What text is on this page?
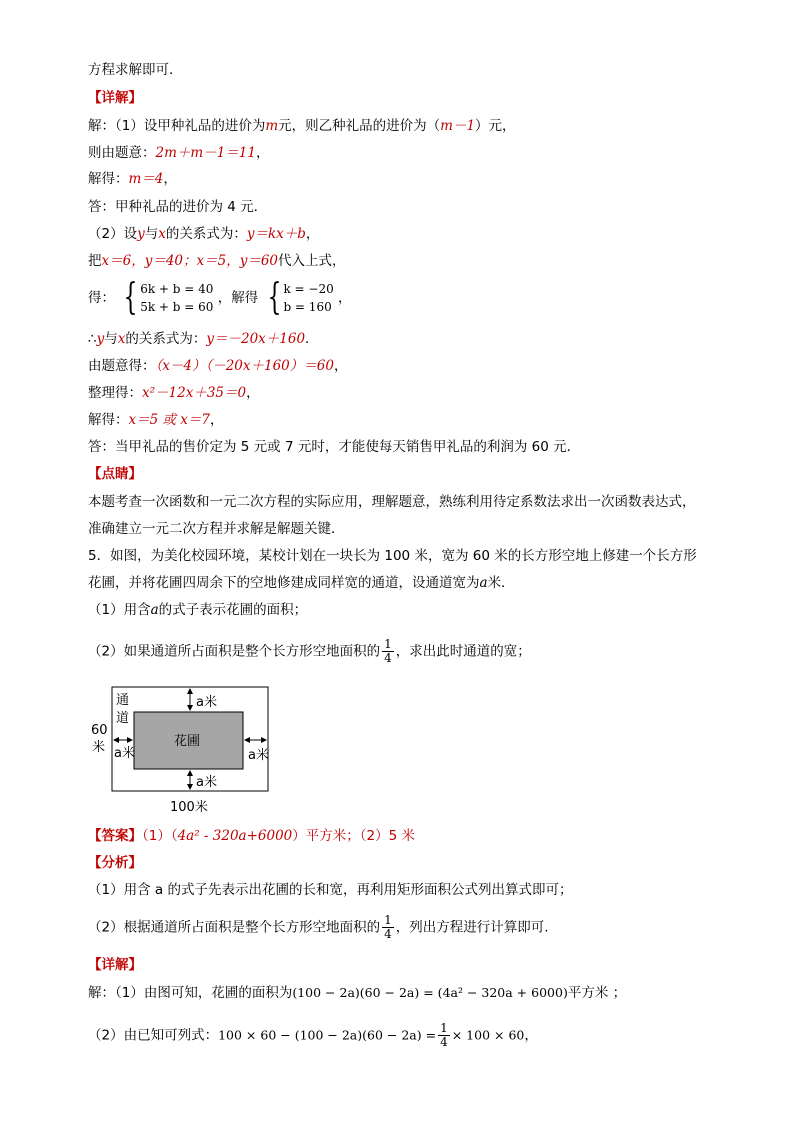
方程求解即可．
【详解】
解：（1）设甲种礼品的进价为m元，则乙种礼品的进价为（m－1）元，
则由题意：2m＋m－1＝11，
解得：m＝4，
答：甲种礼品的进价为 4 元．
（2）设y与x的关系式为：y＝kx＋b，
把x＝6，y＝40；x＝5，y＝60代入上式，
得： { 6k + b = 40
5k + b = 60
，解得 { k = −20
b = 160
，
∴y与x的关系式为：y＝－20x＋160．
由题意得：（x－4）（－20x＋160）＝60，
整理得：x²－12x＋35＝0，
解得：x＝5 或 x＝7，
答：当甲礼品的售价定为 5 元或 7 元时，才能使每天销售甲礼品的利润为 60 元．
【点睛】
本题考查一次函数和一元二次方程的实际应用，理解题意，熟练利用待定系数法求出一次函数表达式，
准确建立一元二次方程并求解是解题关键．
5．如图，为美化校园环境，某校计划在一块长为 100 米，宽为 60 米的长方形空地上修建一个长方形
花圃，并将花圃四周余下的空地修建成同样宽的通道，设通道宽为a米．
（1）用含a的式子表示花圃的面积；
（2）如果通道所占面积是整个长方形空地面积的 $\frac{1}{4}$ ，求出此时通道的宽；
通
道
花圃
a米
a米
a米	a米
60
米
100米
【答案】（1）（4a² - 320a+6000）平方米；（2）5 米
【分析】
（1）用含 a 的式子先表示出花圃的长和宽，再利用矩形面积公式列出算式即可；
（2）根据通道所占面积是整个长方形空地面积的 $\frac{1}{4}$ ，列出方程进行计算即可.
【详解】
解：（1）由图可知，花圃的面积为(100 − 2a)(60 − 2a) = (4a² − 320a + 6000)平方米 ；
（2）由已知可列式：$100 \times 60 - (100 - 2a)(60 - 2a) = \frac{1}{4} \times 100 \times 60$，
